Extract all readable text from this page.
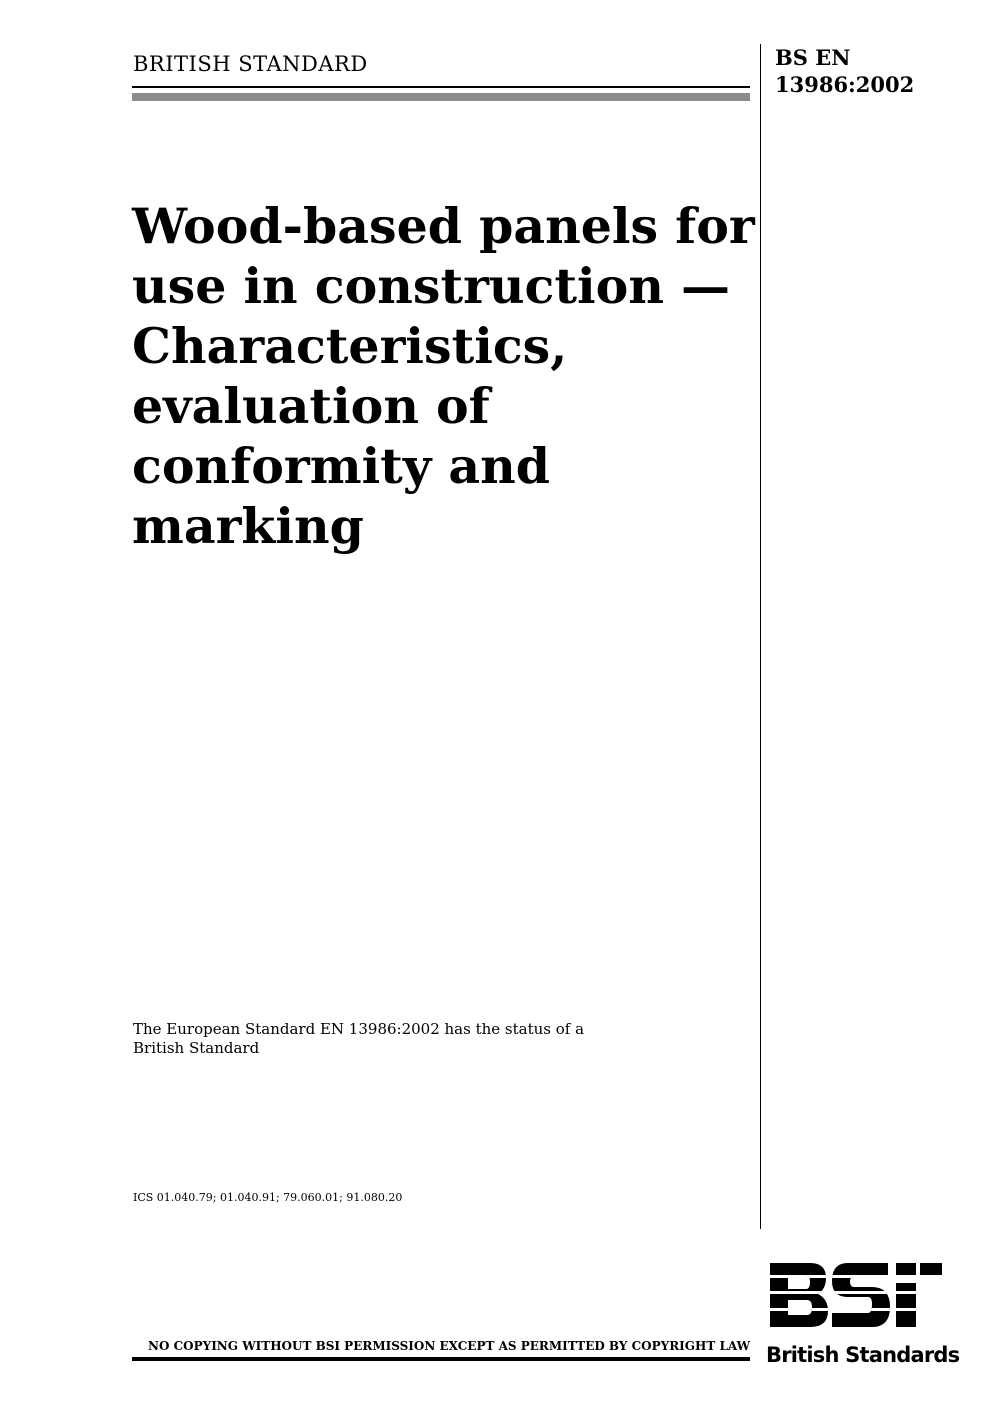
BRITISH STANDARD	BS EN
13986:2002
Wood-based panels for
use in construction —
Characteristics,
evaluation of
conformity and
marking
The European Standard EN 13986:2002 has the status of a
British Standard
ICS 01.040.79; 01.040.91; 79.060.01; 91.080.20
NO COPYING WITHOUT BSI PERMISSION EXCEPT AS PERMITTED BY COPYRIGHT LAW British Standards
